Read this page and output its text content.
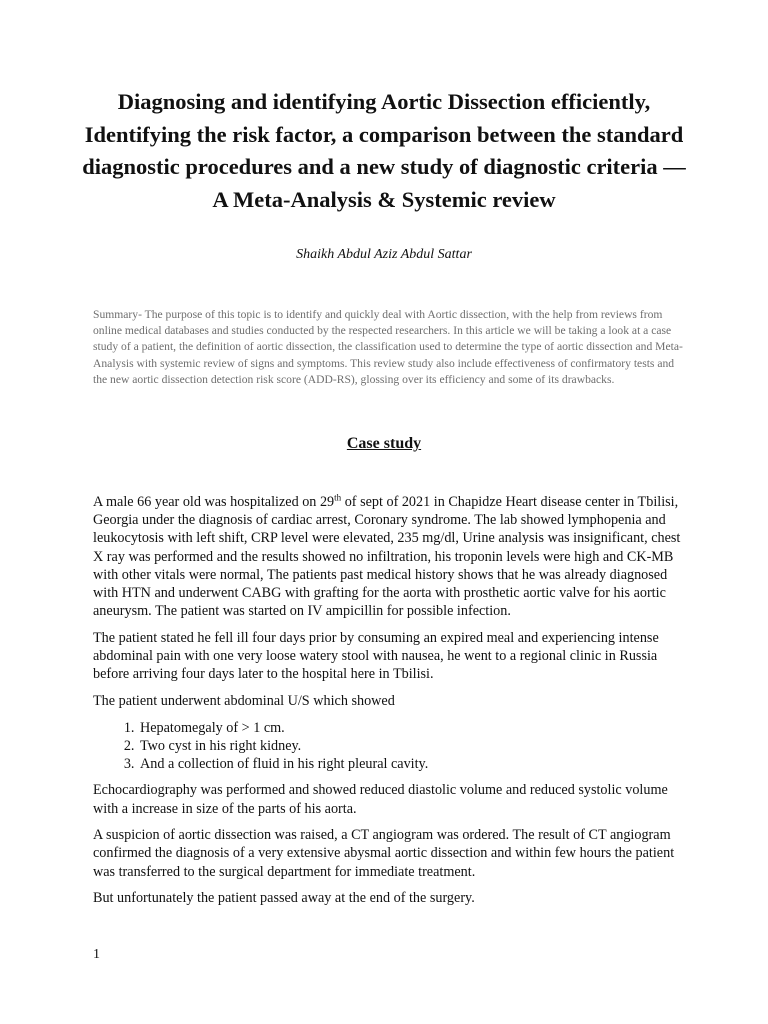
Diagnosing and identifying Aortic Dissection efficiently, Identifying the risk factor, a comparison between the standard diagnostic procedures and a new study of diagnostic criteria — A Meta-Analysis & Systemic review
Shaikh Abdul Aziz Abdul Sattar

Summary- The purpose of this topic is to identify and quickly deal with Aortic dissection, with the help from reviews from online medical databases and studies conducted by the respected researchers. In this article we will be taking a look at a case study of a patient, the definition of aortic dissection, the classification used to determine the type of aortic dissection and Meta-Analysis with systemic review of signs and symptoms. This review study also include effectiveness of confirmatory tests and the new aortic dissection detection risk score (ADD-RS), glossing over its efficiency and some of its drawbacks.

Case study

A male 66 year old was hospitalized on 29th of sept of 2021 in Chapidze Heart disease center in Tbilisi, Georgia under the diagnosis of cardiac arrest, Coronary syndrome. The lab showed lymphopenia and leukocytosis with left shift, CRP level were elevated, 235 mg/dl, Urine analysis was insignificant, chest X ray was performed and the results showed no infiltration, his troponin levels were high and CK-MB with other vitals were normal, The patients past medical history shows that he was already diagnosed with HTN and underwent CABG with grafting for the aorta with prosthetic aortic valve for his aortic aneurysm. The patient was started on IV ampicillin for possible infection.

The patient stated he fell ill four days prior by consuming an expired meal and experiencing intense abdominal pain with one very loose watery stool with nausea, he went to a regional clinic in Russia before arriving four days later to the hospital here in Tbilisi.

The patient underwent abdominal U/S which showed

1. Hepatomegaly of > 1 cm.
2. Two cyst in his right kidney.
3. And a collection of fluid in his right pleural cavity.

Echocardiography was performed and showed reduced diastolic volume and reduced systolic volume with a increase in size of the parts of his aorta.

A suspicion of aortic dissection was raised, a CT angiogram was ordered. The result of CT angiogram confirmed the diagnosis of a very extensive abysmal aortic dissection and within few hours the patient was transferred to the surgical department for immediate treatment.

But unfortunately the patient passed away at the end of the surgery.

1
